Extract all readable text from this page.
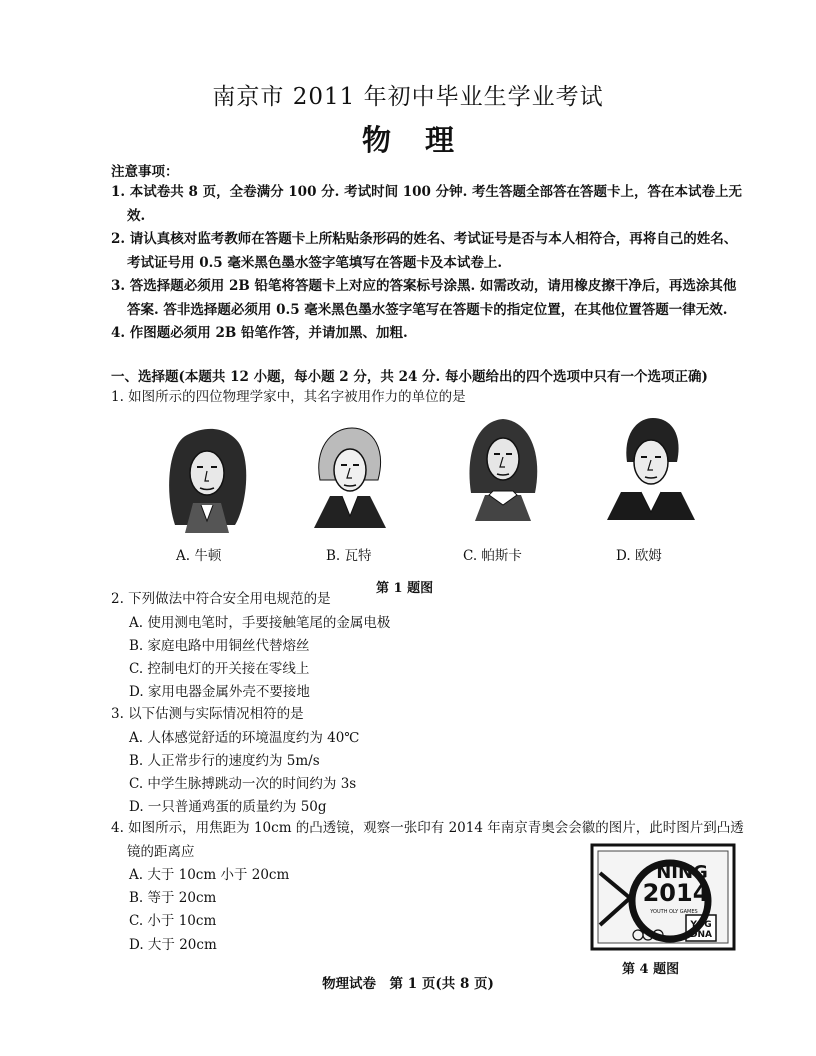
南京市 2011 年初中毕业生学业考试
物理
注意事项：
1. 本试卷共 8 页，全卷满分 100 分. 考试时间 100 分钟. 考生答题全部答在答题卡上，答在本试卷上无效.
2. 请认真核对监考教师在答题卡上所粘贴条形码的姓名、考试证号是否与本人相符合，再将自己的姓名、考试证号用 0.5 毫米黑色墨水签字笔填写在答题卡及本试卷上.
3. 答选择题必须用 2B 铅笔将答题卡上对应的答案标号涂黑. 如需改动，请用橡皮擦干净后，再选涂其他答案. 答非选择题必须用 0.5 毫米黑色墨水签字笔写在答题卡的指定位置，在其他位置答题一律无效.
4. 作图题必须用 2B 铅笔作答，并请加黑、加粗.
一、选择题(本题共 12 小题，每小题 2 分，共 24 分. 每小题给出的四个选项中只有一个选项正确)
1. 如图所示的四位物理学家中，其名字被用作力的单位的是
A. 牛顿	B. 瓦特	C. 帕斯卡	D. 欧姆
第 1 题图
2. 下列做法中符合安全用电规范的是
A. 使用测电笔时，手要接触笔尾的金属电极
B. 家庭电路中用铜丝代替熔丝
C. 控制电灯的开关接在零线上
D. 家用电器金属外壳不要接地
3. 以下估测与实际情况相符的是
A. 人体感觉舒适的环境温度约为 40℃
B. 人正常步行的速度约为 5m/s
C. 中学生脉搏跳动一次的时间约为 3s
D. 一只普通鸡蛋的质量约为 50g
4. 如图所示，用焦距为 10cm 的凸透镜，观察一张印有 2014 年南京青奥会会徽的图片，此时图片到凸透镜的距离应
A. 大于 10cm 小于 20cm
B. 等于 20cm
C. 小于 10cm
D. 大于 20cm
NING
2014
YOUTH OLY GAMES
YOG
DNA
第 4 题图
物理试卷　第 1 页(共 8 页)
